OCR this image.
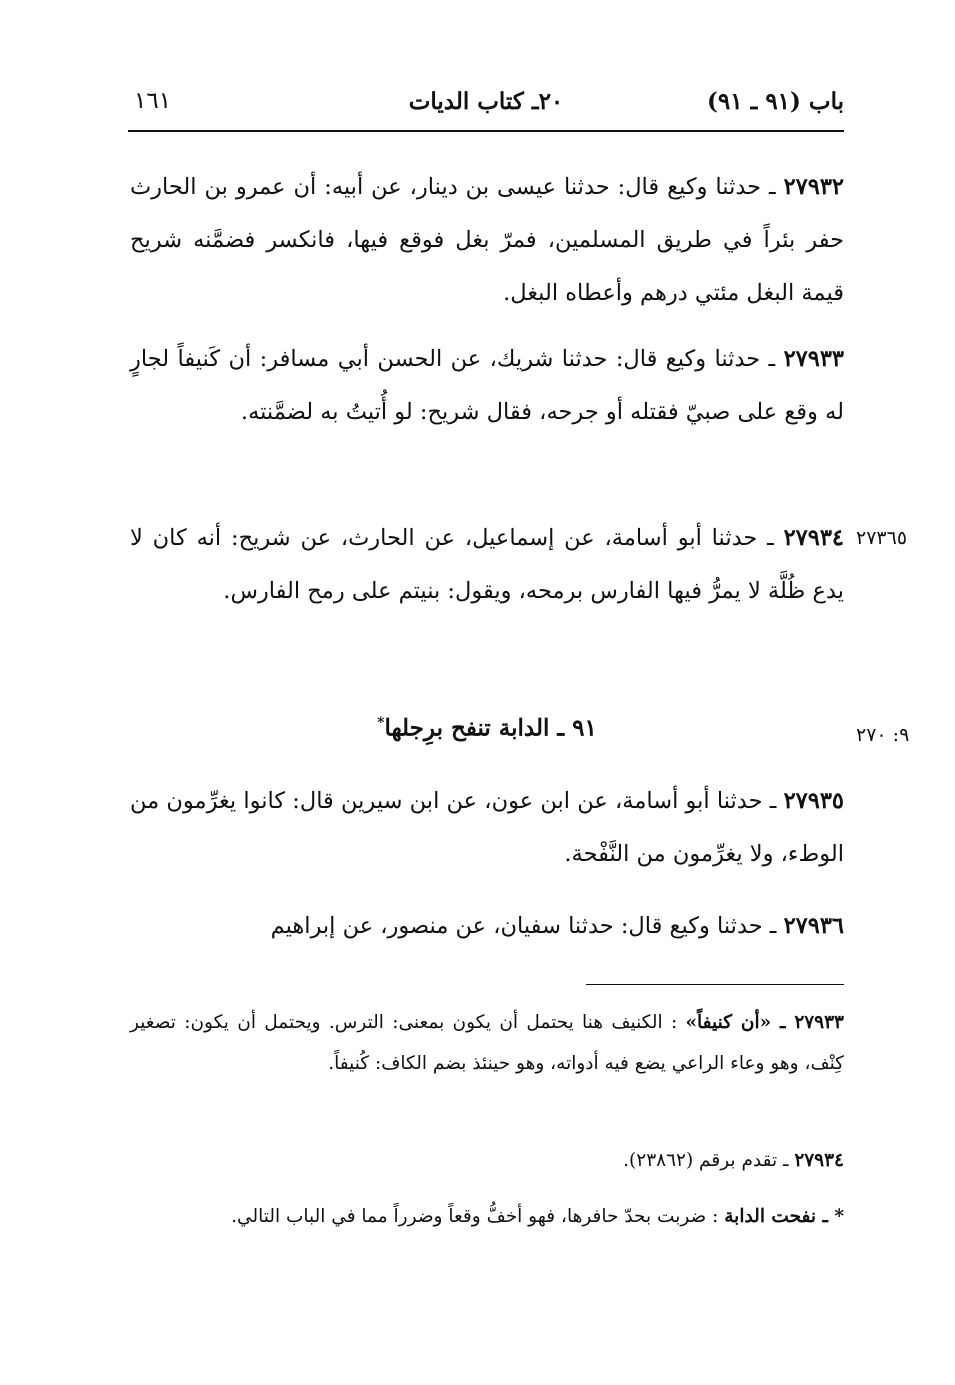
باب (٩١ ـ ٩١)
٢٠ـ كتاب الديات
١٦١
٢٧٩٣٢ ـ حدثنا وكيع قال: حدثنا عيسى بن دينار، عن أبيه: أن عمرو بن الحارث حفر بئراً في طريق المسلمين، فمرّ بغل فوقع فيها، فانكسر فضمَّنه شريح قيمة البغل مئتي درهم وأعطاه البغل.
٢٧٩٣٣ ـ حدثنا وكيع قال: حدثنا شريك، عن الحسن أبي مسافر: أن كَنيفاً لجارٍ له وقع على صبيّ فقتله أو جرحه، فقال شريح: لو أُتيتُ به لضمَّنته.
٢٧٣٦٥
٢٧٩٣٤ ـ حدثنا أبو أسامة، عن إسماعيل، عن الحارث، عن شريح: أنه كان لا يدع ظُلَّة لا يمرُّ فيها الفارس برمحه، ويقول: بنيتم على رمح الفارس.
٩: ٢٧٠
٩١ ـ الدابة تنفح برِجلها*
٢٧٩٣٥ ـ حدثنا أبو أسامة، عن ابن عون، عن ابن سيرين قال: كانوا يغرِّمون من الوطء، ولا يغرِّمون من النَّفْحة.
٢٧٩٣٦ ـ حدثنا وكيع قال: حدثنا سفيان، عن منصور، عن إبراهيم
٢٧٩٣٣ ـ «أن كنيفاً» : الكنيف هنا يحتمل أن يكون بمعنى: الترس. ويحتمل أن يكون: تصغير كِنْف، وهو وعاء الراعي يضع فيه أدواته، وهو حينئذ بضم الكاف: كُنيفاً.
٢٧٩٣٤ ـ تقدم برقم (٢٣٨٦٢).
* ـ نفحت الدابة : ضربت بحدّ حافرها، فهو أخفُّ وقعاً وضرراً مما في الباب التالي.
